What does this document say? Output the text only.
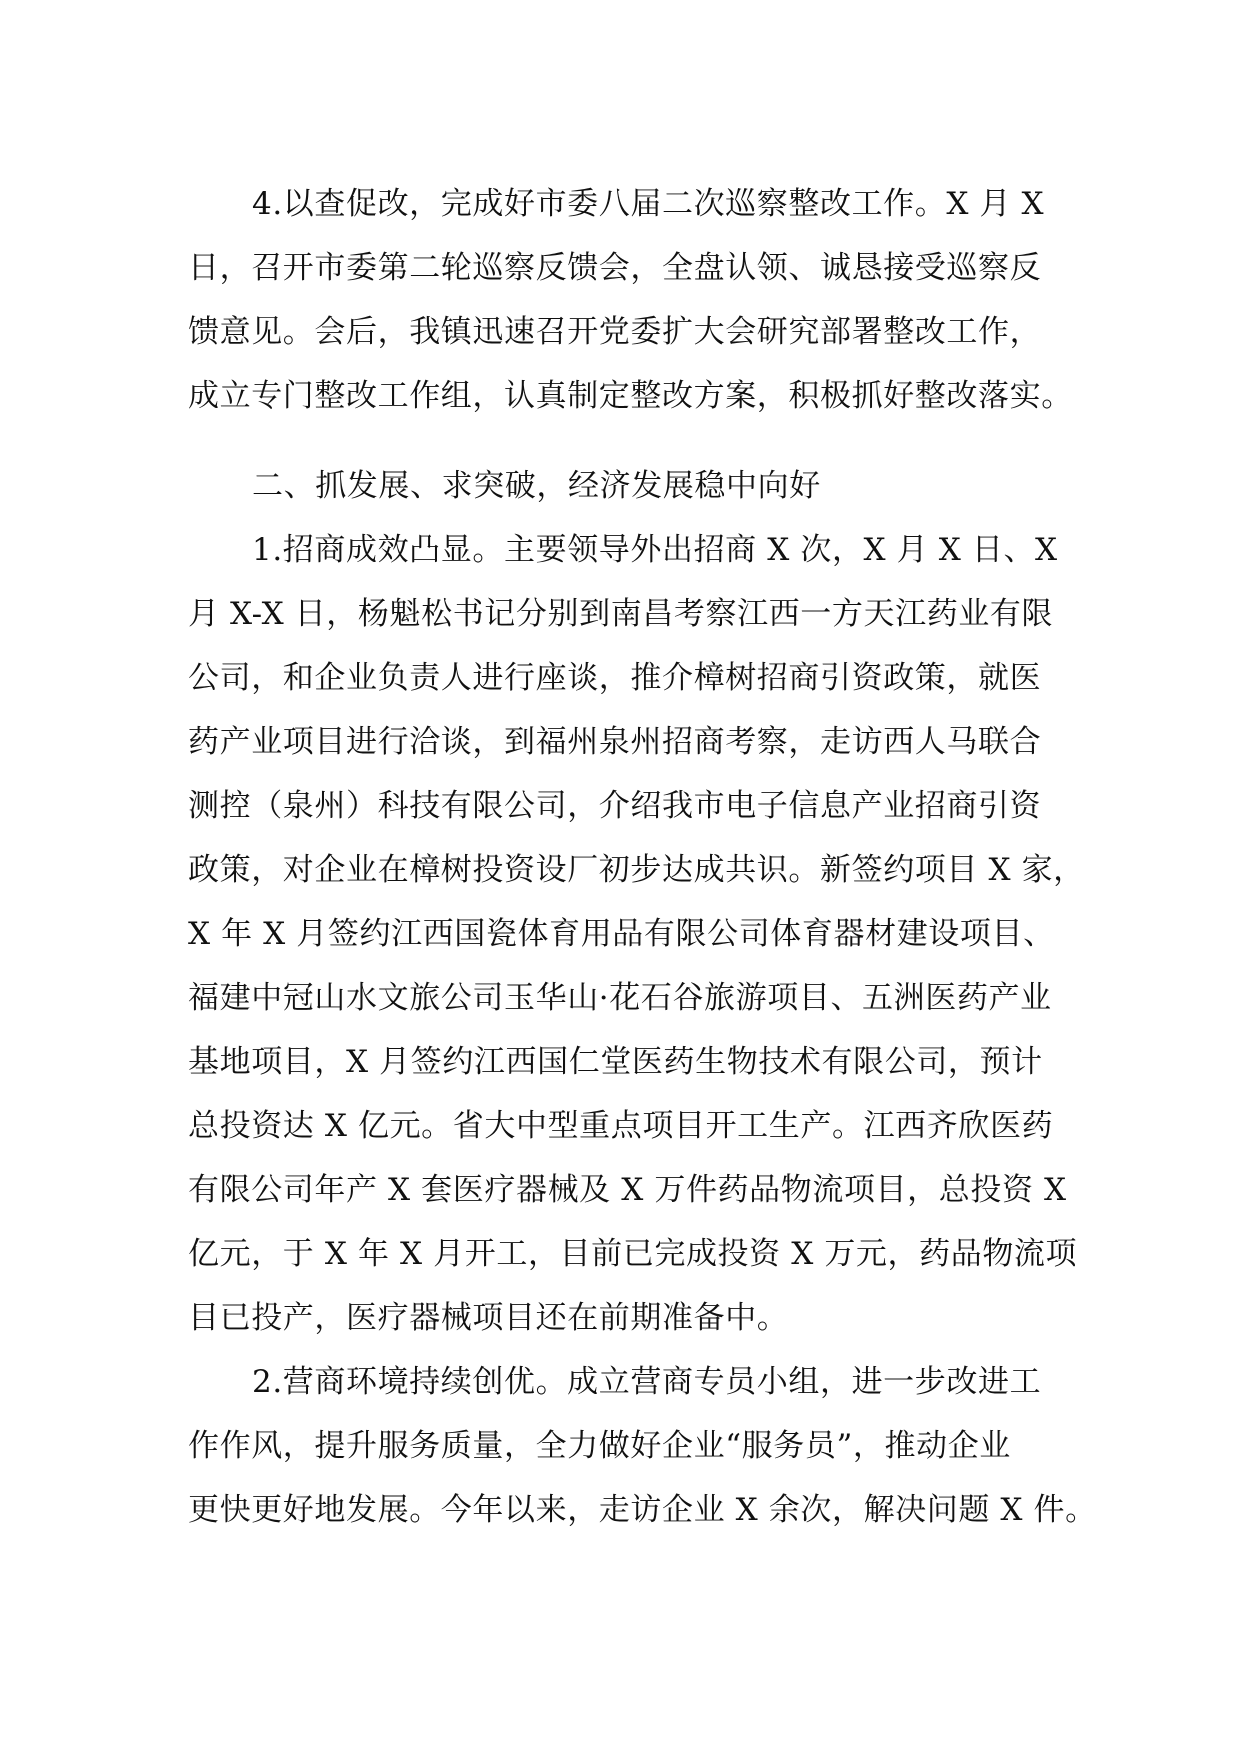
4.以查促改，完成好市委八届二次巡察整改工作。X 月 X
日，召开市委第二轮巡察反馈会，全盘认领、诚恳接受巡察反
馈意见。会后，我镇迅速召开党委扩大会研究部署整改工作，
成立专门整改工作组，认真制定整改方案，积极抓好整改落实。
二、抓发展、求突破，经济发展稳中向好
1.招商成效凸显。主要领导外出招商 X 次，X 月 X 日、X
月 X-X 日，杨魁松书记分别到南昌考察江西一方天江药业有限
公司，和企业负责人进行座谈，推介樟树招商引资政策，就医
药产业项目进行洽谈，到福州泉州招商考察，走访西人马联合
测控（泉州）科技有限公司，介绍我市电子信息产业招商引资
政策，对企业在樟树投资设厂初步达成共识。新签约项目 X 家，
X 年 X 月签约江西国瓷体育用品有限公司体育器材建设项目、
福建中冠山水文旅公司玉华山·花石谷旅游项目、五洲医药产业
基地项目，X 月签约江西国仁堂医药生物技术有限公司，预计
总投资达 X 亿元。省大中型重点项目开工生产。江西齐欣医药
有限公司年产 X 套医疗器械及 X 万件药品物流项目，总投资 X
亿元，于 X 年 X 月开工，目前已完成投资 X 万元，药品物流项
目已投产，医疗器械项目还在前期准备中。
2.营商环境持续创优。成立营商专员小组，进一步改进工
作作风，提升服务质量，全力做好企业“服务员”，推动企业
更快更好地发展。今年以来，走访企业 X 余次，解决问题 X 件。
